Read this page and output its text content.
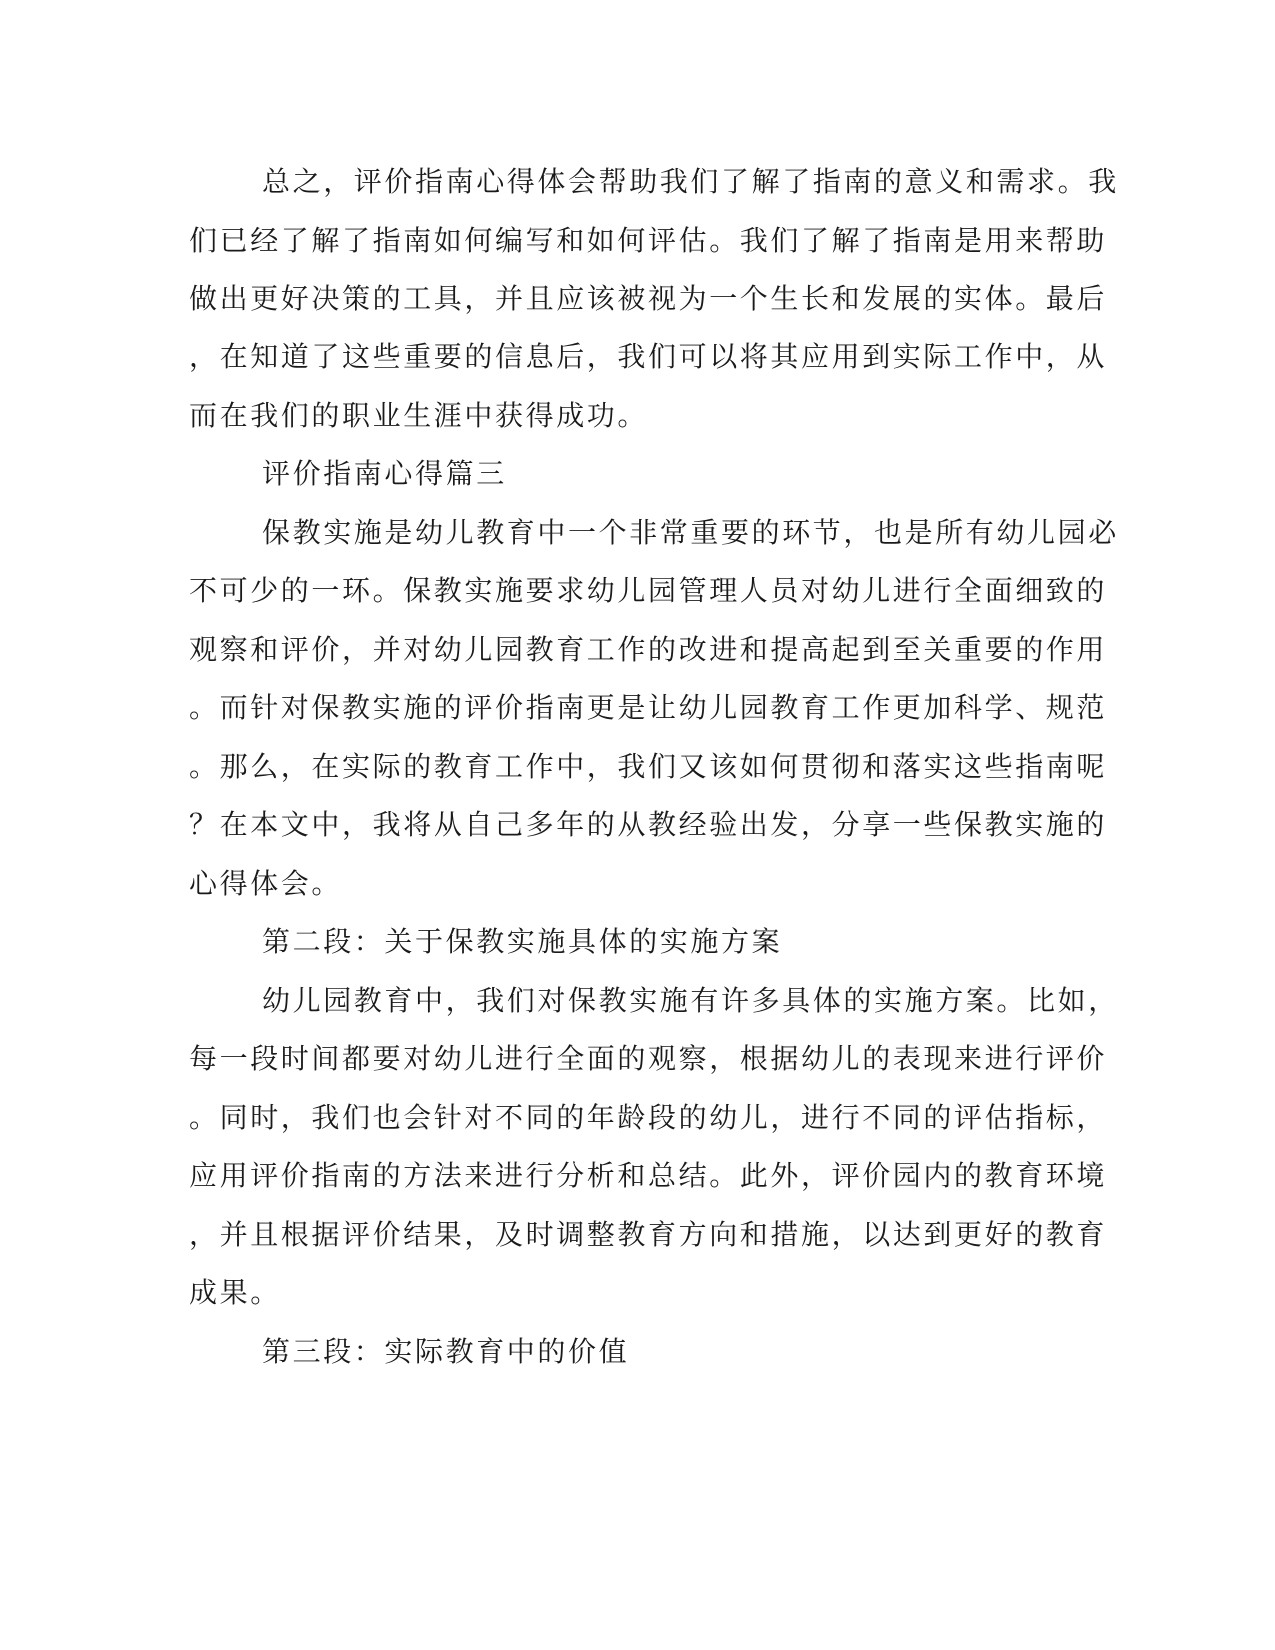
总之，评价指南心得体会帮助我们了解了指南的意义和需求。我
们已经了解了指南如何编写和如何评估。我们了解了指南是用来帮助
做出更好决策的工具，并且应该被视为一个生长和发展的实体。最后
，在知道了这些重要的信息后，我们可以将其应用到实际工作中，从
而在我们的职业生涯中获得成功。
评价指南心得篇三
保教实施是幼儿教育中一个非常重要的环节，也是所有幼儿园必
不可少的一环。保教实施要求幼儿园管理人员对幼儿进行全面细致的
观察和评价，并对幼儿园教育工作的改进和提高起到至关重要的作用
。而针对保教实施的评价指南更是让幼儿园教育工作更加科学、规范
。那么，在实际的教育工作中，我们又该如何贯彻和落实这些指南呢
？在本文中，我将从自己多年的从教经验出发，分享一些保教实施的
心得体会。
第二段：关于保教实施具体的实施方案
幼儿园教育中，我们对保教实施有许多具体的实施方案。比如，
每一段时间都要对幼儿进行全面的观察，根据幼儿的表现来进行评价
。同时，我们也会针对不同的年龄段的幼儿，进行不同的评估指标，
应用评价指南的方法来进行分析和总结。此外，评价园内的教育环境
，并且根据评价结果，及时调整教育方向和措施，以达到更好的教育
成果。
第三段：实际教育中的价值
